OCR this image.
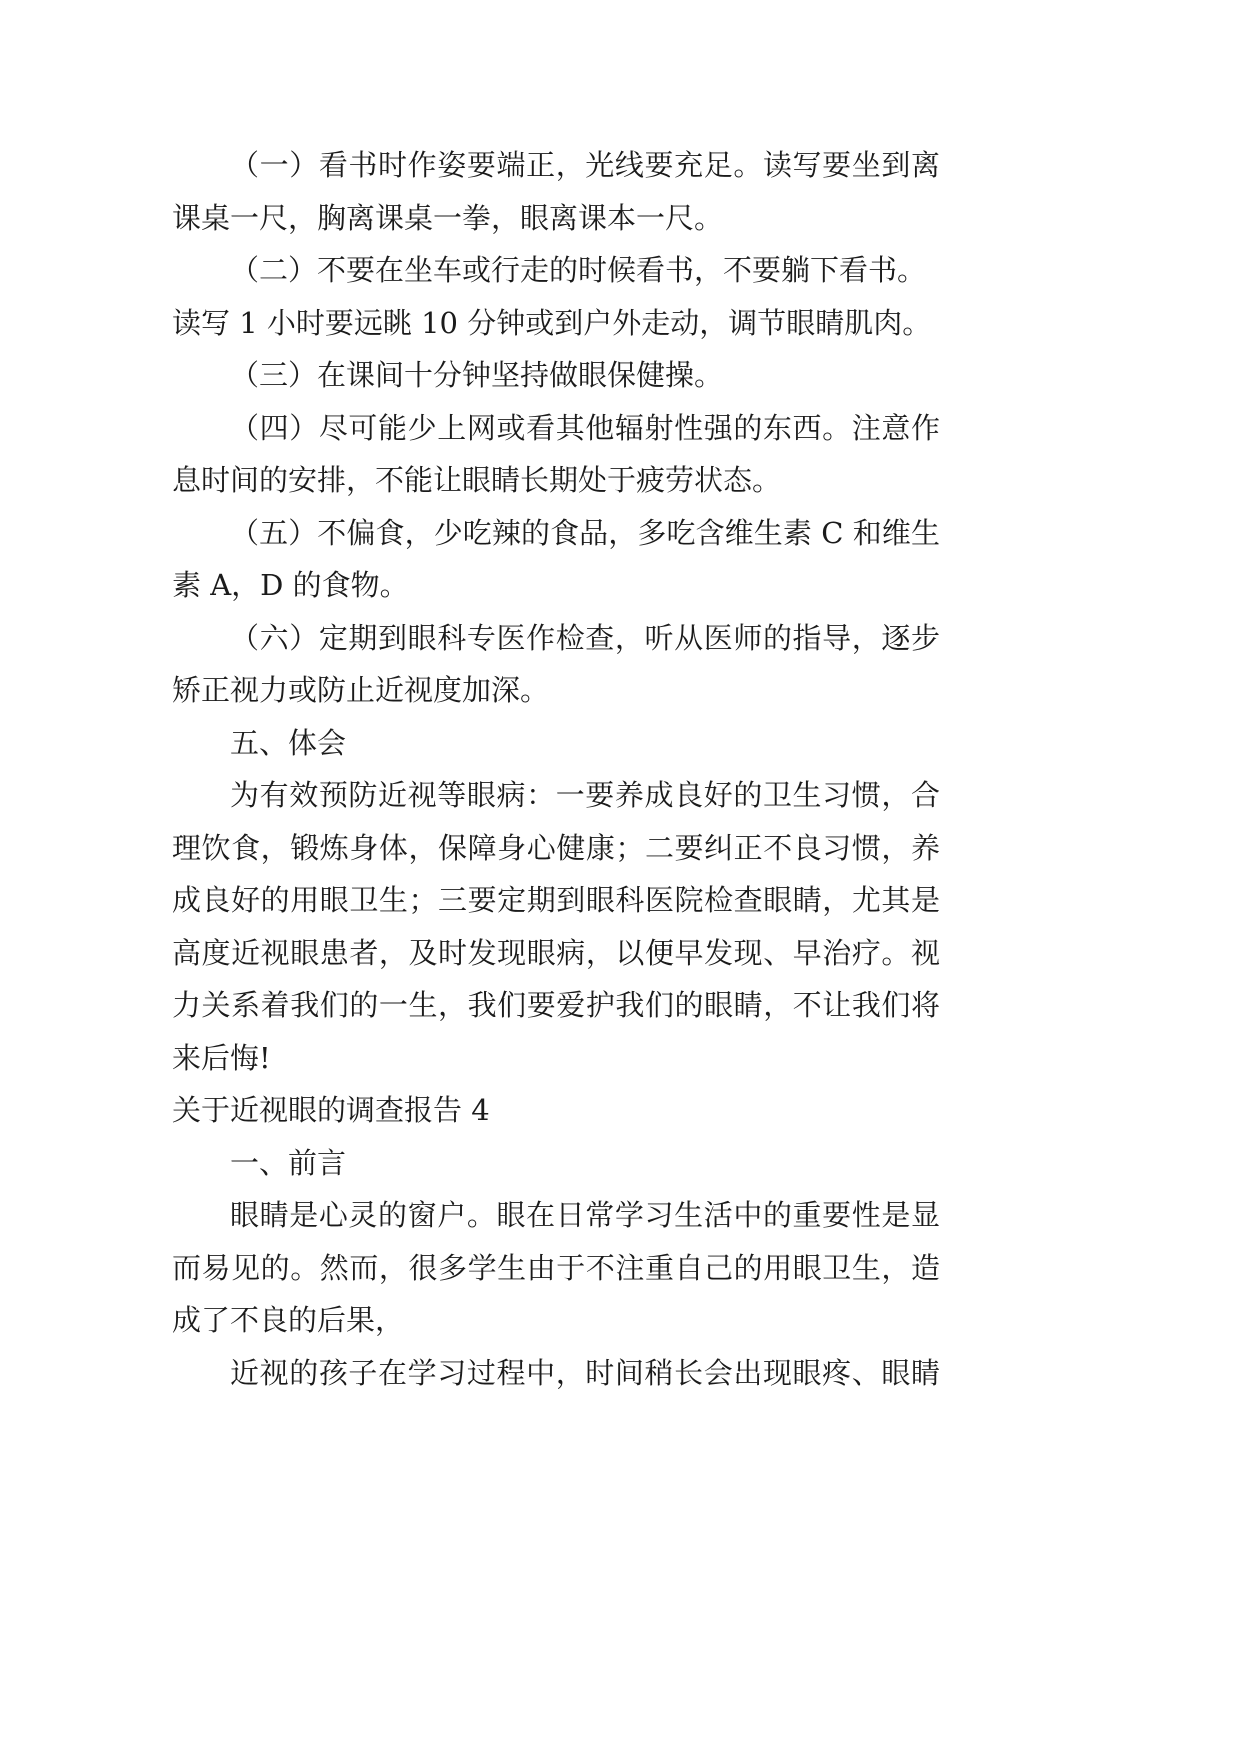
（一）看书时作姿要端正，光线要充足。读写要坐到离
课桌一尺，胸离课桌一拳，眼离课本一尺。
（二）不要在坐车或行走的时候看书，不要躺下看书。
读写 1 小时要远眺 10 分钟或到户外走动，调节眼睛肌肉。
（三）在课间十分钟坚持做眼保健操。
（四）尽可能少上网或看其他辐射性强的东西。注意作
息时间的安排，不能让眼睛长期处于疲劳状态。
（五）不偏食，少吃辣的食品，多吃含维生素 C 和维生
素 A，D 的食物。
（六）定期到眼科专医作检查，听从医师的指导，逐步
矫正视力或防止近视度加深。
五、体会
为有效预防近视等眼病：一要养成良好的卫生习惯，合
理饮食，锻炼身体，保障身心健康；二要纠正不良习惯，养
成良好的用眼卫生；三要定期到眼科医院检查眼睛，尤其是
高度近视眼患者，及时发现眼病，以便早发现、早治疗。视
力关系着我们的一生，我们要爱护我们的眼睛，不让我们将
来后悔!
关于近视眼的调查报告 4
一、前言
眼睛是心灵的窗户。眼在日常学习生活中的重要性是显
而易见的。然而，很多学生由于不注重自己的用眼卫生，造
成了不良的后果，
近视的孩子在学习过程中，时间稍长会出现眼疼、眼睛
